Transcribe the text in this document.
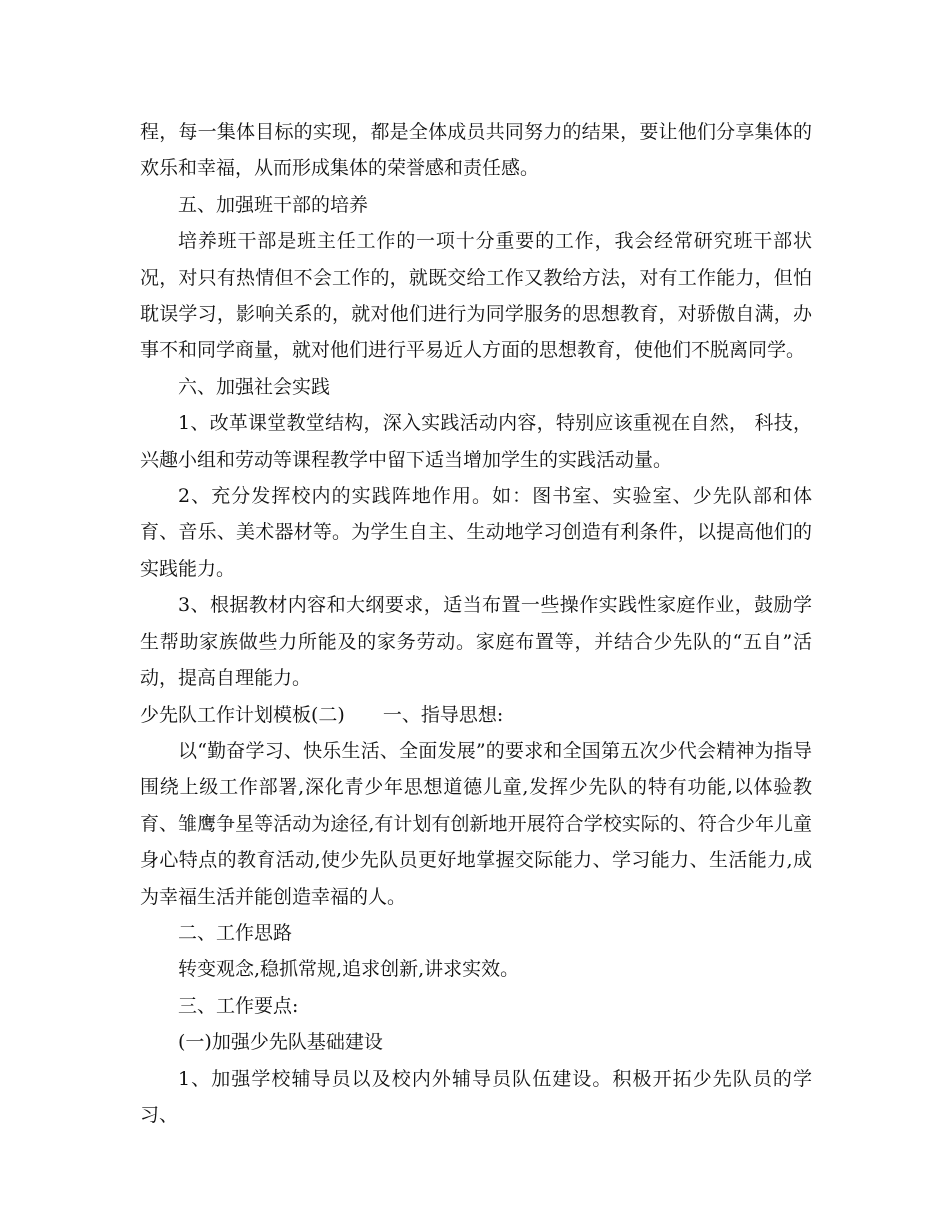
程，每一集体目标的实现，都是全体成员共同努力的结果，要让他们分享集体的欢乐和幸福，从而形成集体的荣誉感和责任感。

五、加强班干部的培养

培养班干部是班主任工作的一项十分重要的工作，我会经常研究班干部状况，对只有热情但不会工作的，就既交给工作又教给方法，对有工作能力，但怕耽误学习，影响关系的，就对他们进行为同学服务的思想教育，对骄傲自满，办事不和同学商量，就对他们进行平易近人方面的思想教育，使他们不脱离同学。

六、加强社会实践

1、改革课堂教堂结构，深入实践活动内容，特别应该重视在自然， 科技，兴趣小组和劳动等课程教学中留下适当增加学生的实践活动量。

2、充分发挥校内的实践阵地作用。如：图书室、实验室、少先队部和体育、音乐、美术器材等。为学生自主、生动地学习创造有利条件，以提高他们的实践能力。

3、根据教材内容和大纲要求，适当布置一些操作实践性家庭作业，鼓励学生帮助家族做些力所能及的家务劳动。家庭布置等，并结合少先队的“五自”活动，提高自理能力。

少先队工作计划模板(二)　　一、指导思想:

以“勤奋学习、快乐生活、全面发展”的要求和全国第五次少代会精神为指导围绕上级工作部署,深化青少年思想道德儿童,发挥少先队的特有功能,以体验教育、雏鹰争星等活动为途径,有计划有创新地开展符合学校实际的、符合少年儿童身心特点的教育活动,使少先队员更好地掌握交际能力、学习能力、生活能力,成为幸福生活并能创造幸福的人。

二、工作思路

转变观念,稳抓常规,追求创新,讲求实效。

三、工作要点:

(一)加强少先队基础建设

1、加强学校辅导员以及校内外辅导员队伍建设。积极开拓少先队员的学习、
